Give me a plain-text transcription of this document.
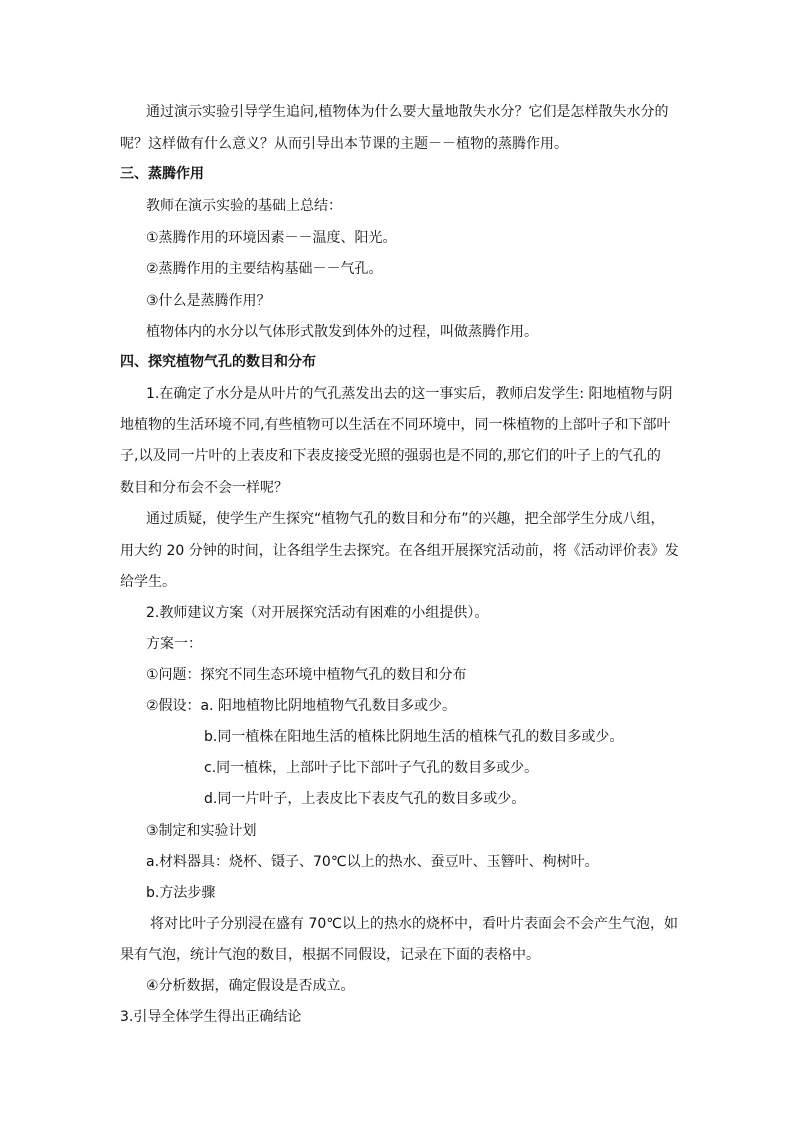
通过演示实验引导学生追问,植物体为什么要大量地散失水分？它们是怎样散失水分的
呢？这样做有什么意义？从而引导出本节课的主题－－植物的蒸腾作用。
三、蒸腾作用
教师在演示实验的基础上总结：
①蒸腾作用的环境因素－－温度、阳光。
②蒸腾作用的主要结构基础－－气孔。
③什么是蒸腾作用？
植物体内的水分以气体形式散发到体外的过程，叫做蒸腾作用。
四、探究植物气孔的数目和分布
1.在确定了水分是从叶片的气孔蒸发出去的这一事实后，教师启发学生: 阳地植物与阴
地植物的生活环境不同,有些植物可以生活在不同环境中，同一株植物的上部叶子和下部叶
子,以及同一片叶的上表皮和下表皮接受光照的强弱也是不同的,那它们的叶子上的气孔的
数目和分布会不会一样呢？
通过质疑，使学生产生探究“植物气孔的数目和分布”的兴趣，把全部学生分成八组，
用大约 20 分钟的时间，让各组学生去探究。在各组开展探究活动前，将《活动评价表》发
给学生。
2.教师建议方案（对开展探究活动有困难的小组提供）。
方案一：
①问题：探究不同生态环境中植物气孔的数目和分布
②假设：a. 阳地植物比阴地植物气孔数目多或少。
b.同一植株在阳地生活的植株比阴地生活的植株气孔的数目多或少。
c.同一植株，上部叶子比下部叶子气孔的数目多或少。
d.同一片叶子，上表皮比下表皮气孔的数目多或少。
③制定和实验计划
a.材料器具：烧杯、镊子、70℃以上的热水、蚕豆叶、玉簪叶、枸树叶。
b.方法步骤
将对比叶子分别浸在盛有 70℃以上的热水的烧杯中，看叶片表面会不会产生气泡，如
果有气泡，统计气泡的数目，根据不同假设，记录在下面的表格中。
④分析数据，确定假设是否成立。
3.引导全体学生得出正确结论
